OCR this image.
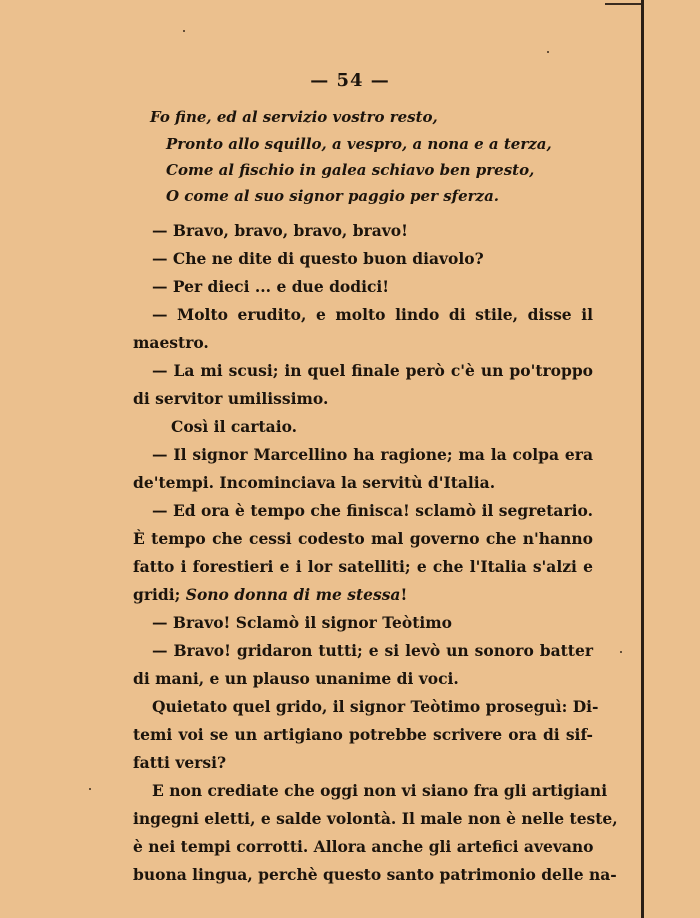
— 54 —
Fo fine, ed al servizio vostro resto,
Pronto allo squillo, a vespro, a nona e a terza,
Come al fischio in galea schiavo ben presto,
O come al suo signor paggio per sferza.
— Bravo, bravo, bravo, bravo!
— Che ne dite di questo buon diavolo?
— Per dieci ... e due dodici!
— Molto erudito, e molto lindo di stile, disse il
maestro.
— La mi scusi; in quel finale però c'è un po'troppo
di servitor umilissimo.
Così il cartaio.
— Il signor Marcellino ha ragione; ma la colpa era
de'tempi. Incominciava la servitù d'Italia.
— Ed ora è tempo che finisca! sclamò il segretario.
È tempo che cessi codesto mal governo che n'hanno
fatto i forestieri e i lor satelliti; e che l'Italia s'alzi e
gridi; Sono donna di me stessa!
— Bravo! Sclamò il signor Teòtimo
— Bravo! gridaron tutti; e si levò un sonoro batter
di mani, e un plauso unanime di voci.
Quietato quel grido, il signor Teòtimo proseguì: Di-
temi voi se un artigiano potrebbe scrivere ora di sif-
fatti versi?
E non crediate che oggi non vi siano fra gli artigiani
ingegni eletti, e salde volontà. Il male non è nelle teste,
è nei tempi corrotti. Allora anche gli artefici avevano
buona lingua, perchè questo santo patrimonio delle na-
